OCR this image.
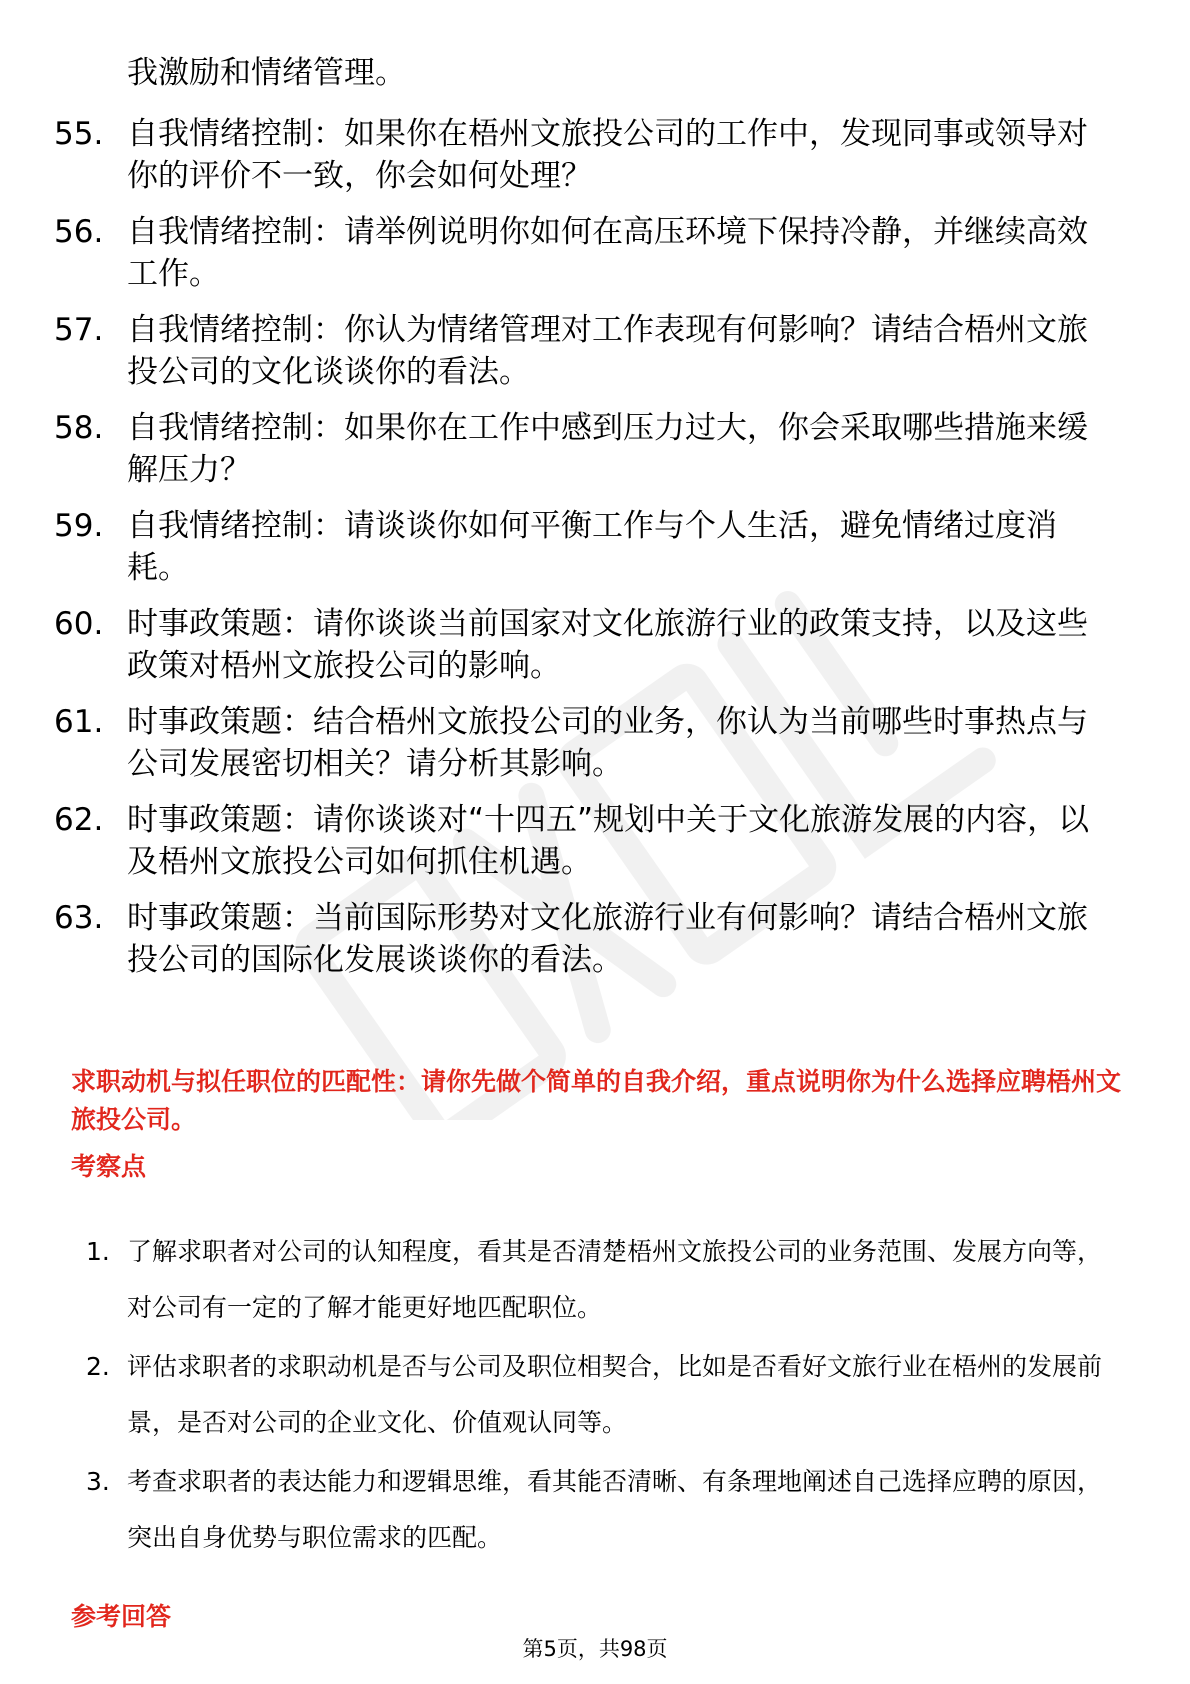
我激励和情绪管理。

55. 自我情绪控制：如果你在梧州文旅投公司的工作中，发现同事或领导对你的评价不一致，你会如何处理？
56. 自我情绪控制：请举例说明你如何在高压环境下保持冷静，并继续高效工作。
57. 自我情绪控制：你认为情绪管理对工作表现有何影响？请结合梧州文旅投公司的文化谈谈你的看法。
58. 自我情绪控制：如果你在工作中感到压力过大，你会采取哪些措施来缓解压力？
59. 自我情绪控制：请谈谈你如何平衡工作与个人生活，避免情绪过度消耗。
60. 时事政策题：请你谈谈当前国家对文化旅游行业的政策支持，以及这些政策对梧州文旅投公司的影响。
61. 时事政策题：结合梧州文旅投公司的业务，你认为当前哪些时事热点与公司发展密切相关？请分析其影响。
62. 时事政策题：请你谈谈对“十四五”规划中关于文化旅游发展的内容，以及梧州文旅投公司如何抓住机遇。
63. 时事政策题：当前国际形势对文化旅游行业有何影响？请结合梧州文旅投公司的国际化发展谈谈你的看法。

求职动机与拟任职位的匹配性：请你先做个简单的自我介绍，重点说明你为什么选择应聘梧州文旅投公司。

考察点
1. 了解求职者对公司的认知程度，看其是否清楚梧州文旅投公司的业务范围、发展方向等，对公司有一定的了解才能更好地匹配职位。
2. 评估求职者的求职动机是否与公司及职位相契合，比如是否看好文旅行业在梧州的发展前景，是否对公司的企业文化、价值观认同等。
3. 考查求职者的表达能力和逻辑思维，看其能否清晰、有条理地阐述自己选择应聘的原因，突出自身优势与职位需求的匹配。
参考回答
第5页，共98页
